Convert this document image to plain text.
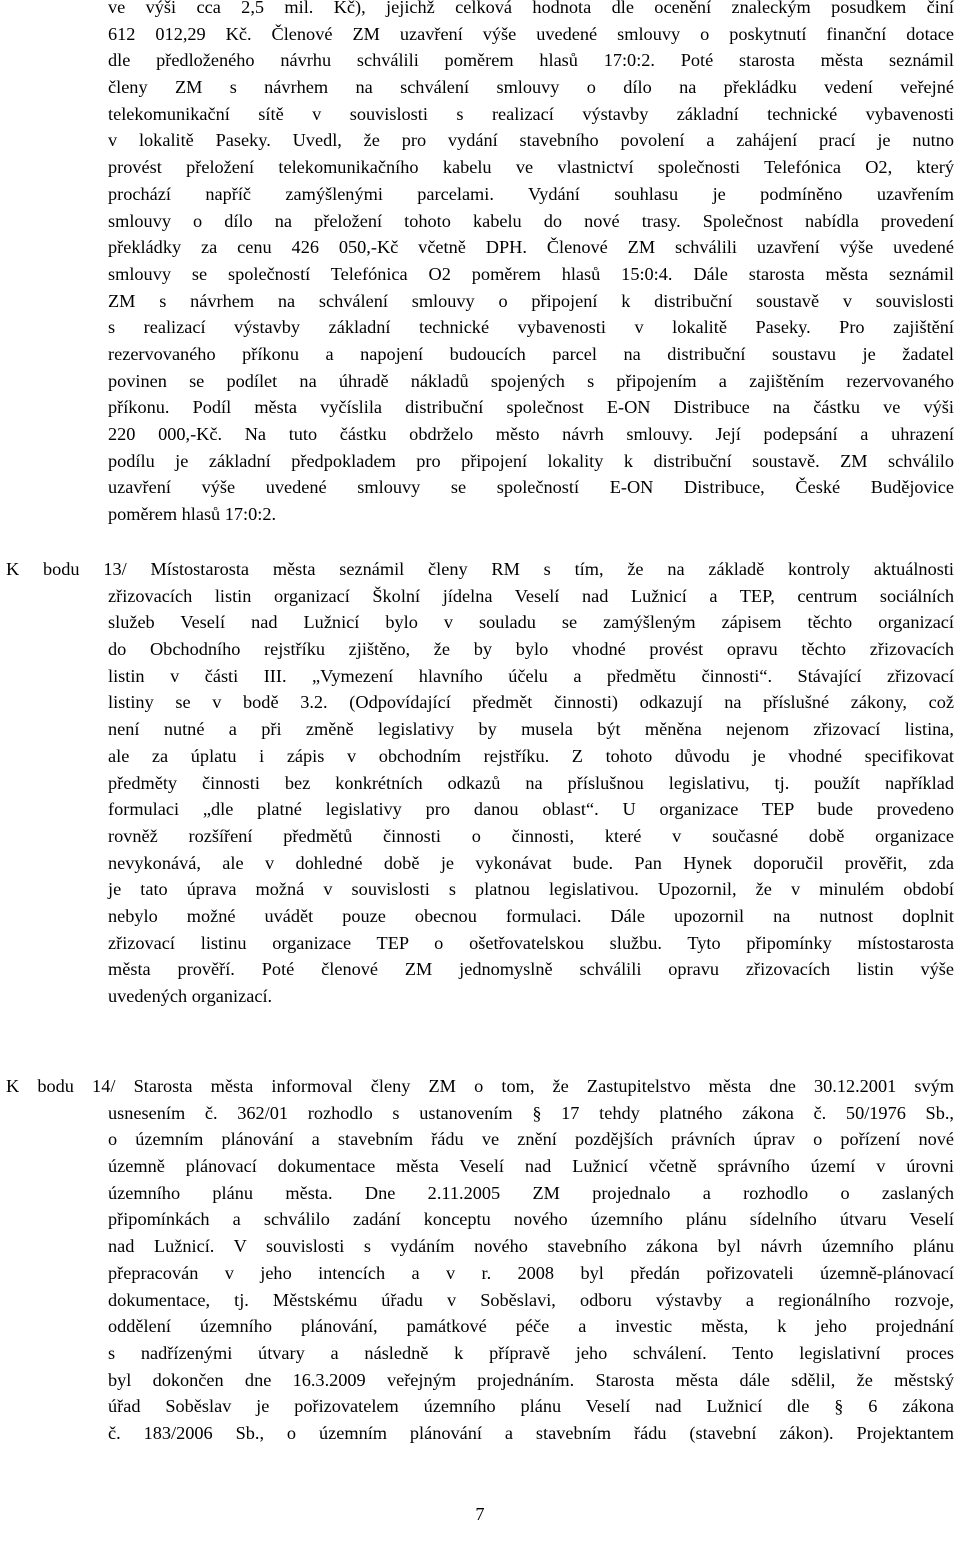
ve výši cca 2,5 mil. Kč), jejichž celková hodnota dle ocenění znaleckým posudkem činí
612 012,29 Kč. Členové ZM uzavření výše uvedené smlouvy o poskytnutí finanční dotace
dle předloženého návrhu schválili poměrem hlasů 17:0:2. Poté starosta města seznámil
členy ZM s návrhem na schválení smlouvy o dílo na překládku vedení veřejné
telekomunikační sítě v souvislosti s realizací výstavby základní technické vybavenosti
v lokalitě Paseky. Uvedl, že pro vydání stavebního povolení a zahájení prací je nutno
provést přeložení telekomunikačního kabelu ve vlastnictví společnosti Telefónica O2, který
prochází napříč zamýšlenými parcelami. Vydání souhlasu je podmíněno uzavřením
smlouvy o dílo na přeložení tohoto kabelu do nové trasy. Společnost nabídla provedení
překládky za cenu 426 050,-Kč včetně DPH. Členové ZM schválili uzavření výše uvedené
smlouvy se společností Telefónica O2 poměrem hlasů 15:0:4. Dále starosta města seznámil
ZM s návrhem na schválení smlouvy o připojení k distribuční soustavě v souvislosti
s realizací výstavby základní technické vybavenosti v lokalitě Paseky. Pro zajištění
rezervovaného příkonu a napojení budoucích parcel na distribuční soustavu je žadatel
povinen se podílet na úhradě nákladů spojených s připojením a zajištěním rezervovaného
příkonu. Podíl města vyčíslila distribuční společnost E-ON Distribuce na částku ve výši
220 000,-Kč. Na tuto částku obdrželo město návrh smlouvy. Její podepsání a uhrazení
podílu je základní předpokladem pro připojení lokality k distribuční soustavě. ZM schválilo
uzavření výše uvedené smlouvy se společností E-ON Distribuce, České Budějovice
poměrem hlasů 17:0:2.
K bodu 13/ Místostarosta města seznámil členy RM s tím, že na základě kontroly aktuálnosti
zřizovacích listin organizací Školní jídelna Veselí nad Lužnicí a TEP, centrum sociálních
služeb Veselí nad Lužnicí bylo v souladu se zamýšleným zápisem těchto organizací
do Obchodního rejstříku zjištěno, že by bylo vhodné provést opravu těchto zřizovacích
listin v části III. „Vymezení hlavního účelu a předmětu činnosti“. Stávající zřizovací
listiny se v bodě 3.2. (Odpovídající předmět činnosti) odkazují na příslušné zákony, což
není nutné a při změně legislativy by musela být měněna nejenom zřizovací listina,
ale za úplatu i zápis v obchodním rejstříku. Z tohoto důvodu je vhodné specifikovat
předměty činnosti bez konkrétních odkazů na příslušnou legislativu, tj. použít například
formulaci „dle platné legislativy pro danou oblast“. U organizace TEP bude provedeno
rovněž rozšíření předmětů činnosti o činnosti, které v současné době organizace
nevykonává, ale v dohledné době je vykonávat bude. Pan Hynek doporučil prověřit, zda
je tato úprava možná v souvislosti s platnou legislativou. Upozornil, že v minulém období
nebylo možné uvádět pouze obecnou formulaci. Dále upozornil na nutnost doplnit
zřizovací listinu organizace TEP o ošetřovatelskou službu. Tyto připomínky místostarosta
města prověří. Poté členové ZM jednomyslně schválili opravu zřizovacích listin výše
uvedených organizací.
K bodu 14/ Starosta města informoval členy ZM o tom, že Zastupitelstvo města dne 30.12.2001 svým
usnesením č. 362/01 rozhodlo s ustanovením § 17 tehdy platného zákona č. 50/1976 Sb.,
o územním plánování a stavebním řádu ve znění pozdějších právních úprav o pořízení nové
územně plánovací dokumentace města Veselí nad Lužnicí včetně správního území v úrovni
územního plánu města. Dne 2.11.2005 ZM projednalo a rozhodlo o zaslaných
připomínkách a schválilo zadání konceptu nového územního plánu sídelního útvaru Veselí
nad Lužnicí. V souvislosti s vydáním nového stavebního zákona byl návrh územního plánu
přepracován v jeho intencích a v r. 2008 byl předán pořizovateli územně-plánovací
dokumentace, tj. Městskému úřadu v Soběslavi, odboru výstavby a regionálního rozvoje,
oddělení územního plánování, památkové péče a investic města, k jeho projednání
s nadřízenými útvary a následně k přípravě jeho schválení. Tento legislativní proces
byl dokončen dne 16.3.2009 veřejným projednáním. Starosta města dále sdělil, že městský
úřad Soběslav je pořizovatelem územního plánu Veselí nad Lužnicí dle § 6 zákona
č. 183/2006 Sb., o územním plánování a stavebním řádu (stavební zákon). Projektantem
7
